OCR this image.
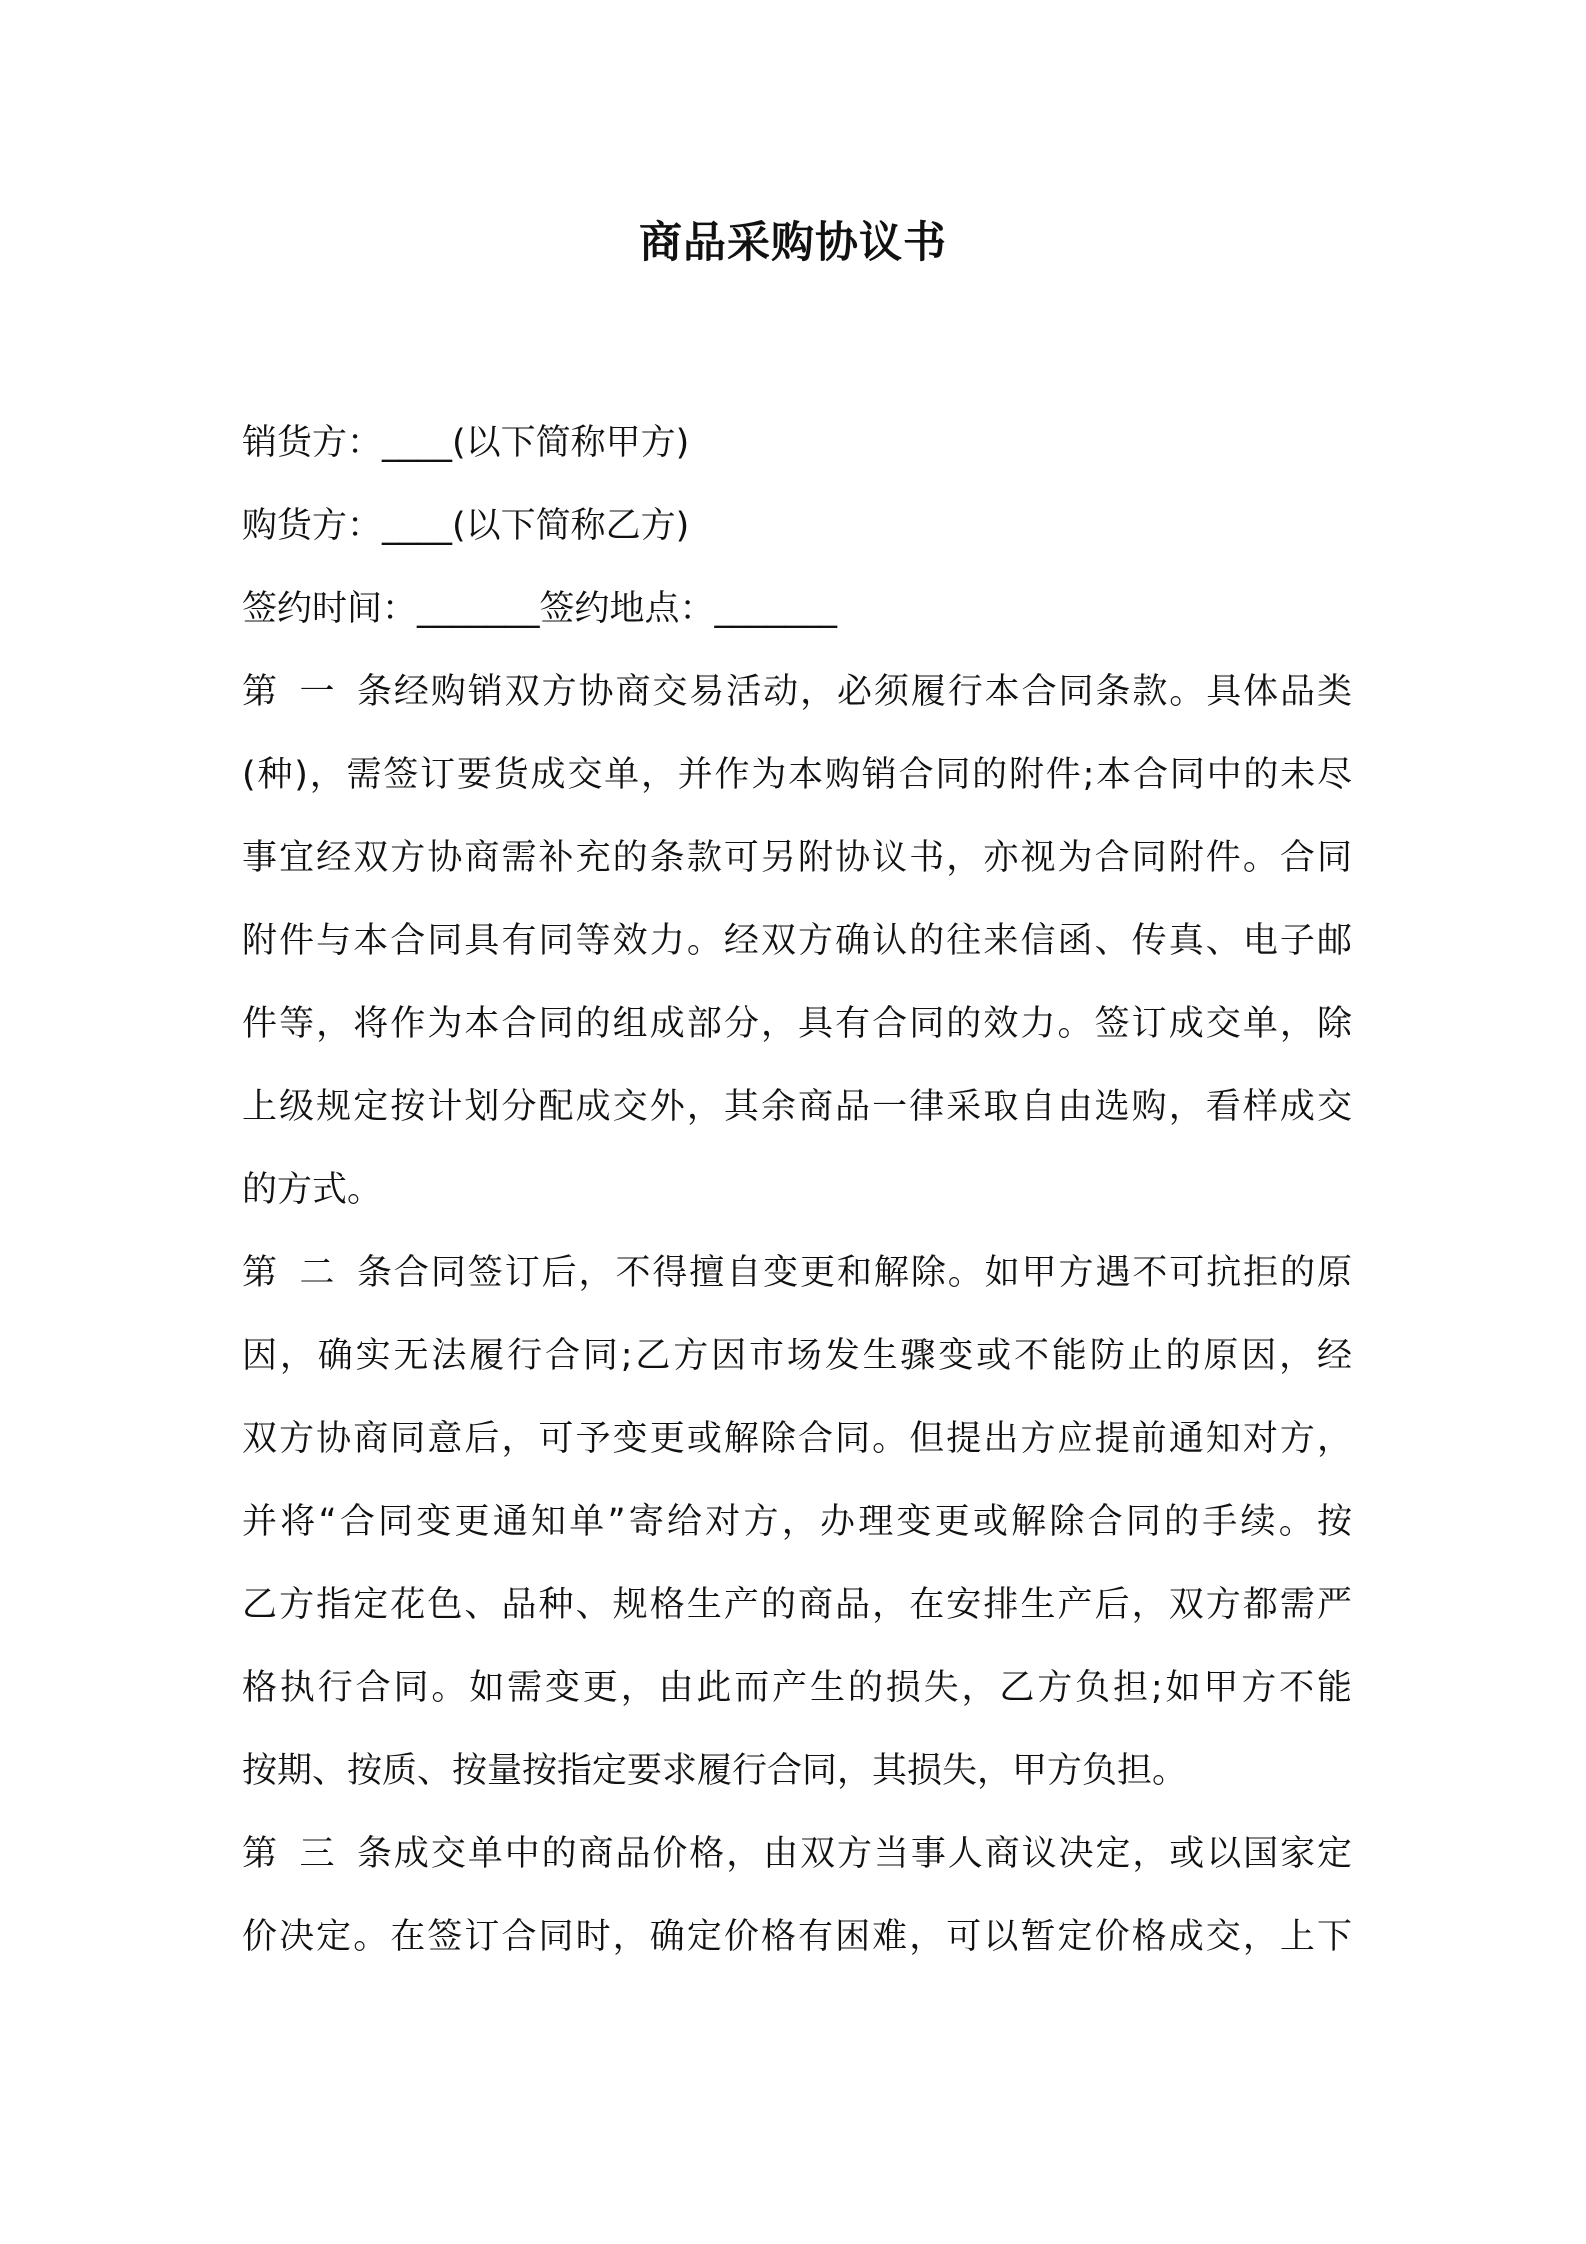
商品采购协议书
销货方：____(以下简称甲方)
购货方：____(以下简称乙方)
签约时间：_______签约地点：_______
第一条经购销双方协商交易活动，必须履行本合同条款。具体品类
(种)，需签订要货成交单，并作为本购销合同的附件;本合同中的未尽
事宜经双方协商需补充的条款可另附协议书，亦视为合同附件。合同
附件与本合同具有同等效力。经双方确认的往来信函、传真、电子邮
件等，将作为本合同的组成部分，具有合同的效力。签订成交单，除
上级规定按计划分配成交外，其余商品一律采取自由选购，看样成交
的方式。
第二条合同签订后，不得擅自变更和解除。如甲方遇不可抗拒的原
因，确实无法履行合同;乙方因市场发生骤变或不能防止的原因，经
双方协商同意后，可予变更或解除合同。但提出方应提前通知对方，
并将“合同变更通知单”寄给对方，办理变更或解除合同的手续。按
乙方指定花色、品种、规格生产的商品，在安排生产后，双方都需严
格执行合同。如需变更，由此而产生的损失，乙方负担;如甲方不能
按期、按质、按量按指定要求履行合同，其损失，甲方负担。
第三条成交单中的商品价格，由双方当事人商议决定，或以国家定
价决定。在签订合同时，确定价格有困难，可以暂定价格成交，上下
